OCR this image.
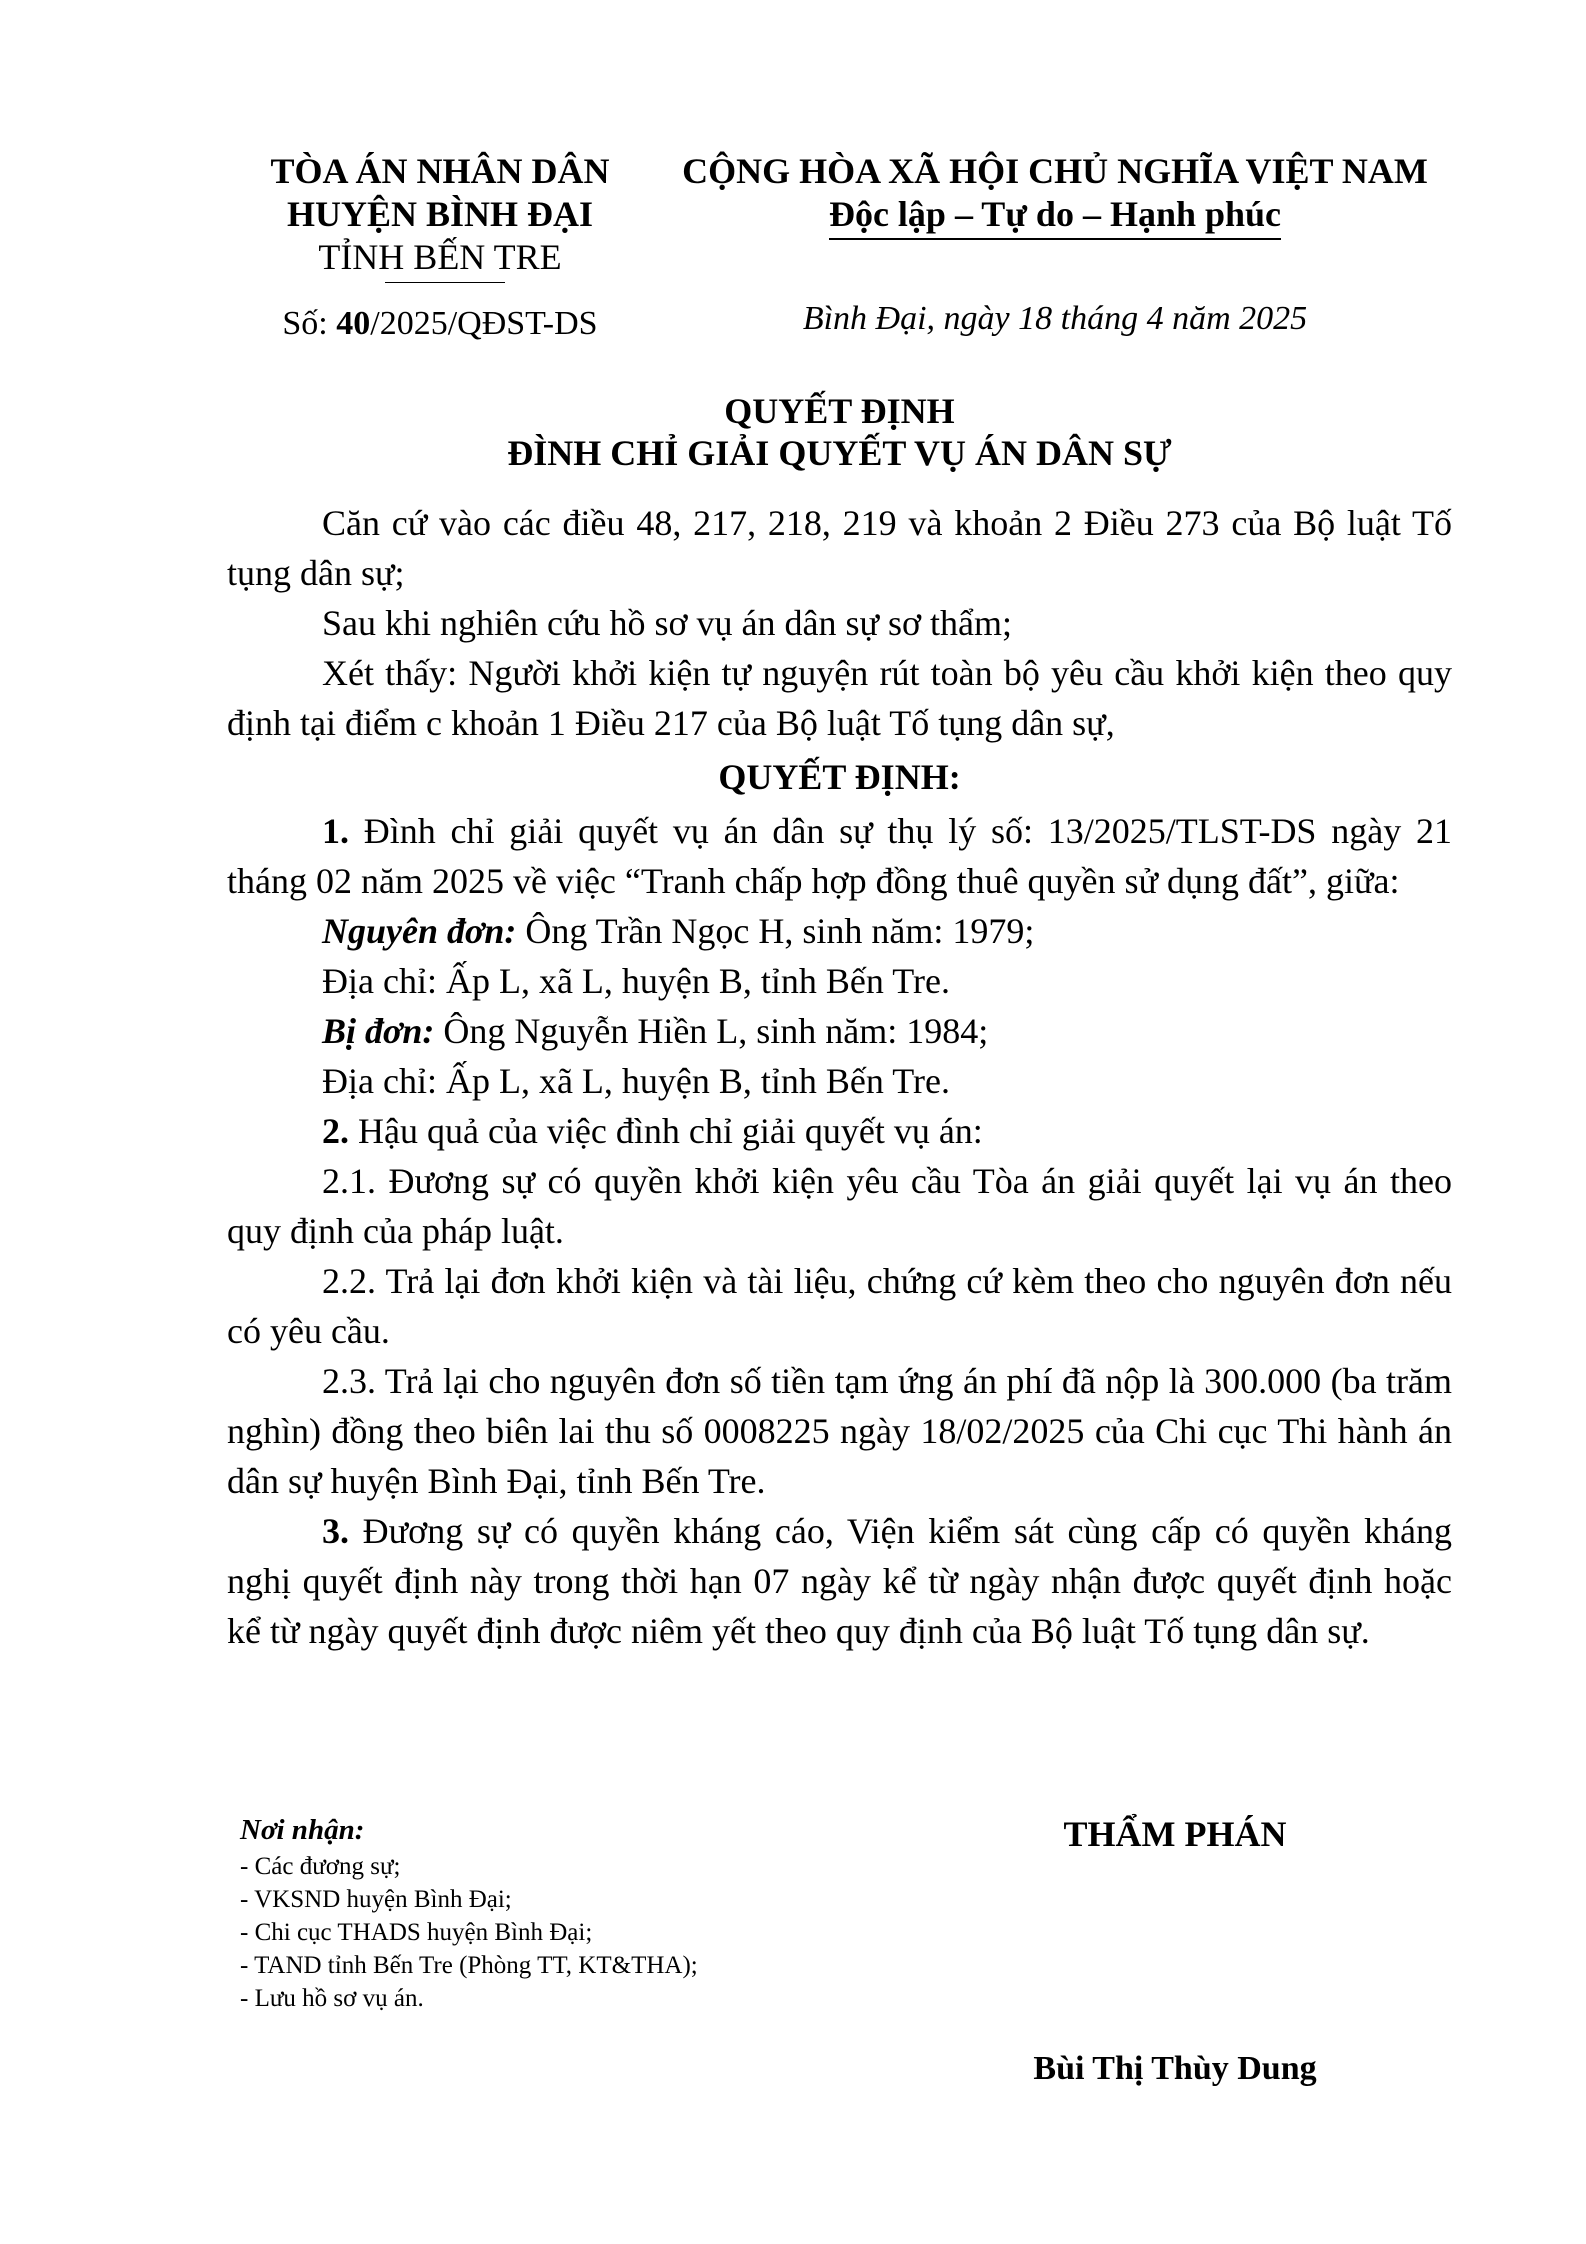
TÒA ÁN NHÂN DÂN
HUYỆN BÌNH ĐẠI
TỈNH BẾN TRE
Số: 40/2025/QĐST-DS
CỘNG HÒA XÃ HỘI CHỦ NGHĨA VIỆT NAM
Độc lập – Tự do – Hạnh phúc
Bình Đại, ngày 18 tháng 4 năm 2025
QUYẾT ĐỊNH
ĐÌNH CHỈ GIẢI QUYẾT VỤ ÁN DÂN SỰ

Căn cứ vào các điều 48, 217, 218, 219 và khoản 2 Điều 273 của Bộ luật Tố tụng dân sự;

Sau khi nghiên cứu hồ sơ vụ án dân sự sơ thẩm;

Xét thấy: Người khởi kiện tự nguyện rút toàn bộ yêu cầu khởi kiện theo quy định tại điểm c khoản 1 Điều 217 của Bộ luật Tố tụng dân sự,

QUYẾT ĐỊNH:

1. Đình chỉ giải quyết vụ án dân sự thụ lý số: 13/2025/TLST-DS ngày 21 tháng 02 năm 2025 về việc “Tranh chấp hợp đồng thuê quyền sử dụng đất”, giữa:

Nguyên đơn: Ông Trần Ngọc H, sinh năm: 1979;

Địa chỉ: Ấp L, xã L, huyện B, tỉnh Bến Tre.

Bị đơn: Ông Nguyễn Hiền L, sinh năm: 1984;

Địa chỉ: Ấp L, xã L, huyện B, tỉnh Bến Tre.

2. Hậu quả của việc đình chỉ giải quyết vụ án:

2.1. Đương sự có quyền khởi kiện yêu cầu Tòa án giải quyết lại vụ án theo quy định của pháp luật.

2.2. Trả lại đơn khởi kiện và tài liệu, chứng cứ kèm theo cho nguyên đơn nếu có yêu cầu.

2.3. Trả lại cho nguyên đơn số tiền tạm ứng án phí đã nộp là 300.000 (ba trăm nghìn) đồng theo biên lai thu số 0008225 ngày 18/02/2025 của Chi cục Thi hành án dân sự huyện Bình Đại, tỉnh Bến Tre.

3. Đương sự có quyền kháng cáo, Viện kiểm sát cùng cấp có quyền kháng nghị quyết định này trong thời hạn 07 ngày kể từ ngày nhận được quyết định hoặc kể từ ngày quyết định được niêm yết theo quy định của Bộ luật Tố tụng dân sự.

Nơi nhận:
- Các đương sự;
- VKSND huyện Bình Đại;
- Chi cục THADS huyện Bình Đại;
- TAND tỉnh Bến Tre (Phòng TT, KT&THA);
- Lưu hồ sơ vụ án.
THẨM PHÁN
Bùi Thị Thùy Dung
